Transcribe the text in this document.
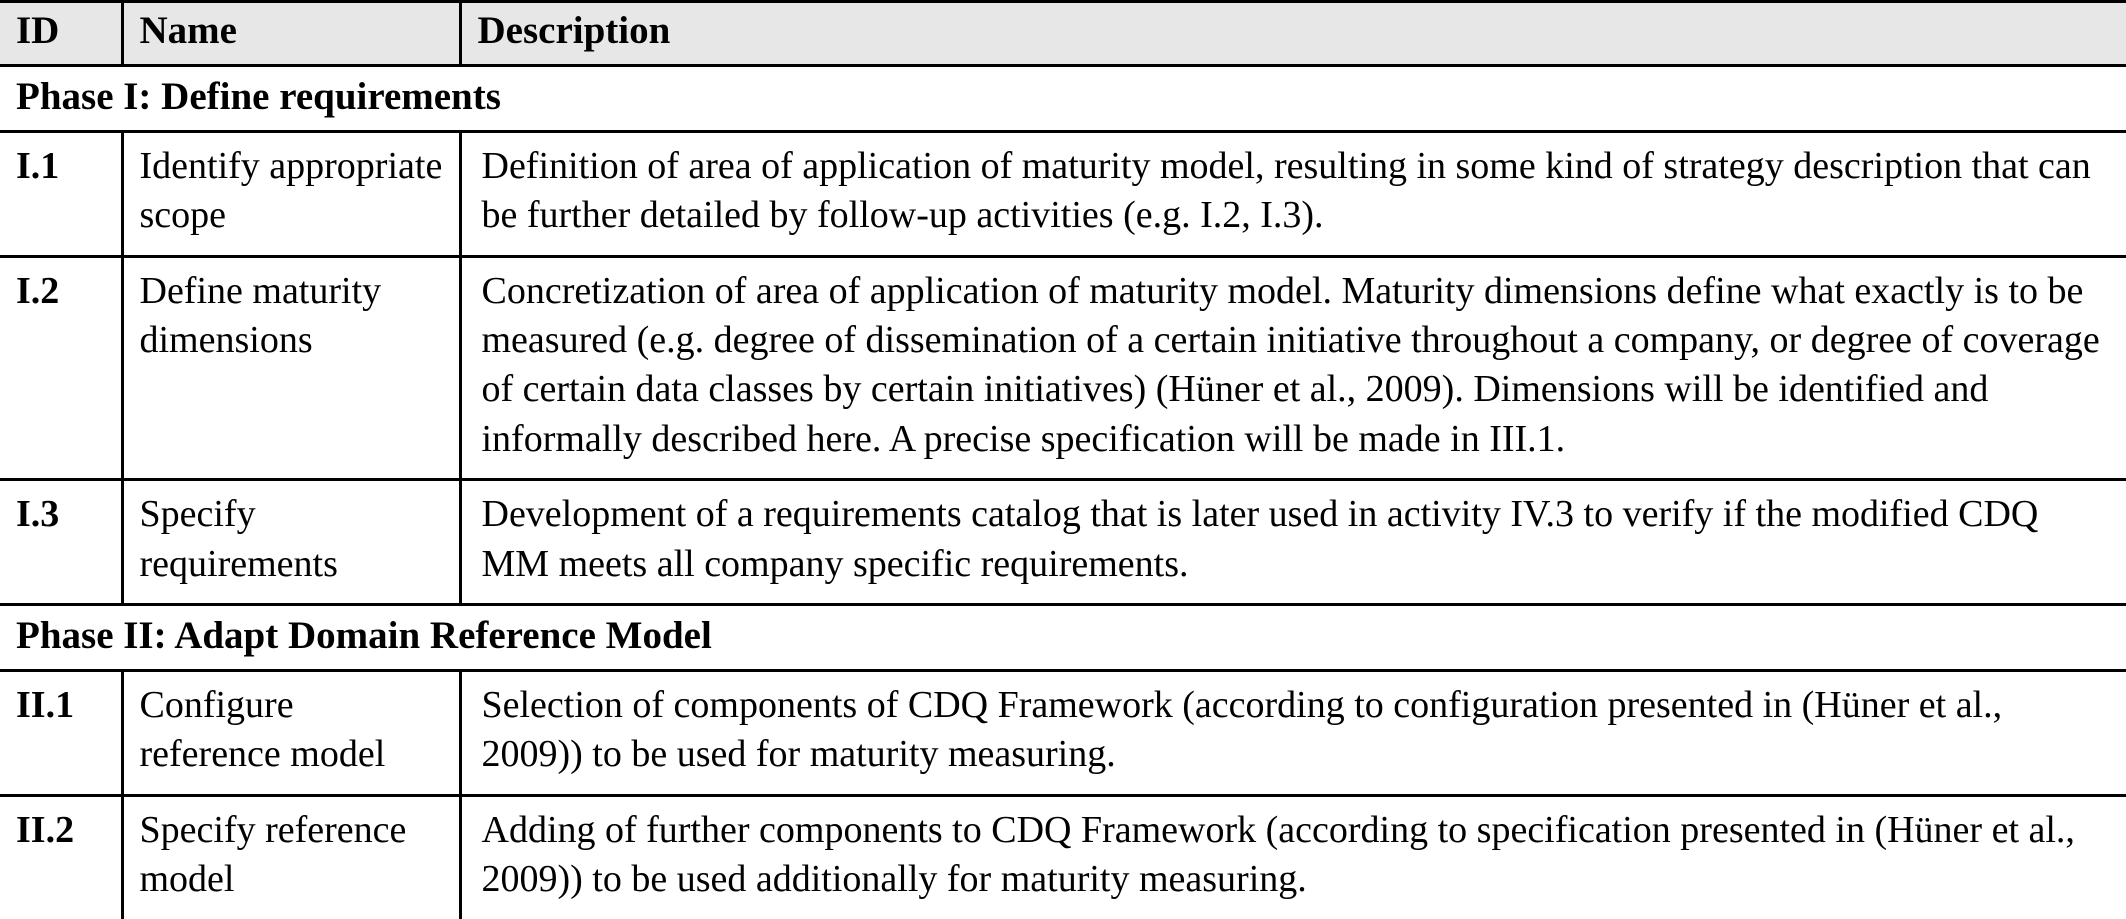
ID	Name	Description
Phase I: Define requirements		
I.1	Identify appropriate scope	Definition of area of application of maturity model, resulting in some kind of strategy description that can be further detailed by follow-up activities (e.g. I.2, I.3).
I.2	Define maturity dimensions	Concretization of area of application of maturity model. Maturity dimensions define what exactly is to be measured (e.g. degree of dissemination of a certain initiative throughout a company, or degree of coverage of certain data classes by certain initiatives) (Hüner et al., 2009). Dimensions will be identified and informally described here. A precise specification will be made in III.1.
I.3	Specify requirements	Development of a requirements catalog that is later used in activity IV.3 to verify if the modified CDQ MM meets all company specific requirements.
Phase II: Adapt Domain Reference Model		
II.1	Configure reference model	Selection of components of CDQ Framework (according to configuration presented in (Hüner et al., 2009)) to be used for maturity measuring.
II.2	Specify reference model	Adding of further components to CDQ Framework (according to specification presented in (Hüner et al., 2009)) to be used additionally for maturity measuring.
